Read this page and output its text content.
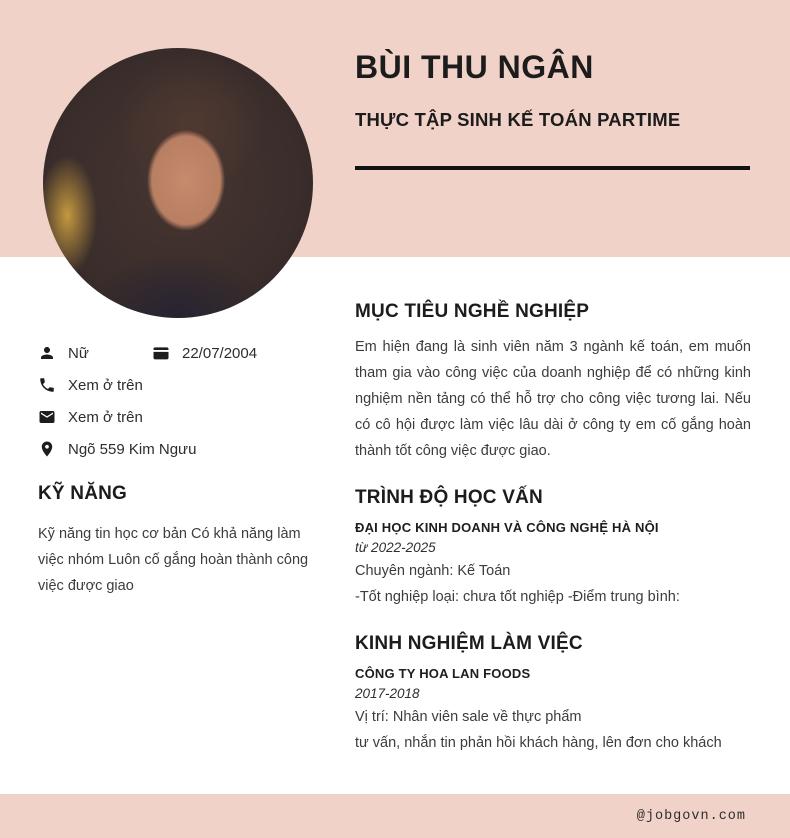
BÙI THU NGÂN
THỰC TẬP SINH KẾ TOÁN PARTIME
Nữ	22/07/2004
Xem ở trên
Xem ở trên
Ngõ 559 Kim Ngưu
KỸ NĂNG

Kỹ năng tin học cơ bản Có khả năng làm việc nhóm Luôn cố gắng hoàn thành công việc được giao

MỤC TIÊU NGHỀ NGHIỆP

Em hiện đang là sinh viên năm 3 ngành kế toán, em muốn tham gia vào công việc của doanh nghiệp để có những kinh nghiệm nền tảng có thể hỗ trợ cho công việc tương lai. Nếu có cô hội được làm việc lâu dài ở công ty em cố gắng hoàn thành tốt công việc được giao.

TRÌNH ĐỘ HỌC VẤN
ĐẠI HỌC KINH DOANH VÀ CÔNG NGHỆ HÀ NỘI
từ 2022-2025
Chuyên ngành: Kế Toán
-Tốt nghiệp loại: chưa tốt nghiệp -Điểm trung bình:
KINH NGHIỆM LÀM VIỆC
CÔNG TY HOA LAN FOODS
2017-2018
Vị trí: Nhân viên sale về thực phẩm
tư vấn, nhắn tin phản hồi khách hàng, lên đơn cho khách
@jobgovn.com
